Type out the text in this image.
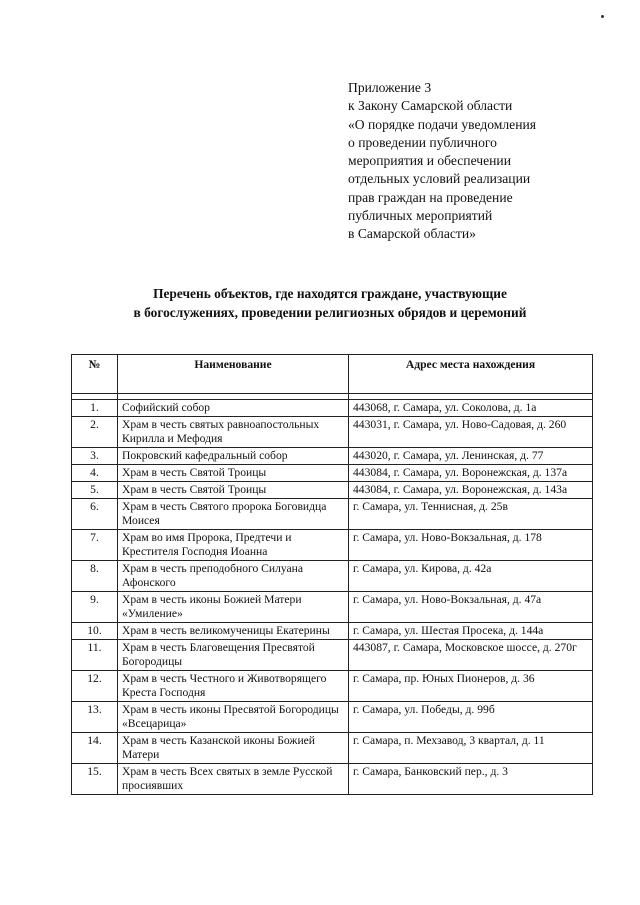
Приложение 3
к Закону Самарской области
«О порядке подачи уведомления
о проведении публичного
мероприятия и обеспечении
отдельных условий реализации
прав граждан на проведение
публичных мероприятий
в Самарской области»
Перечень объектов, где находятся граждане, участвующие
в богослужениях, проведении религиозных обрядов и церемоний
№	Наименование	Адрес места нахождения

1.	Софийский собор	443068, г. Самара, ул. Соколова, д. 1а
2.	Храм в честь святых равноапостольных Кирилла и Мефодия	443031, г. Самара, ул. Ново-Садовая, д. 260
3.	Покровский кафедральный собор	443020, г. Самара, ул. Ленинская, д. 77
4.	Храм в честь Святой Троицы	443084, г. Самара, ул. Воронежская, д. 137а
5.	Храм в честь Святой Троицы	443084, г. Самара, ул. Воронежская, д. 143а
6.	Храм в честь Святого пророка Боговидца Моисея	г. Самара, ул. Теннисная, д. 25в
7.	Храм во имя Пророка, Предтечи и Крестителя Господня Иоанна	г. Самара, ул. Ново-Вокзальная, д. 178
8.	Храм в честь преподобного Силуана Афонского	г. Самара, ул. Кирова, д. 42а
9.	Храм в честь иконы Божией Матери «Умиление»	г. Самара, ул. Ново-Вокзальная, д. 47а
10.	Храм в честь великомученицы Екатерины	г. Самара, ул. Шестая Просека, д. 144а
11.	Храм в честь Благовещения Пресвятой Богородицы	443087, г. Самара, Московское шоссе, д. 270г
12.	Храм в честь Честного и Животворящего Креста Господня	г. Самара, пр. Юных Пионеров, д. 36
13.	Храм в честь иконы Пресвятой Богородицы «Всецарица»	г. Самара, ул. Победы, д. 99б
14.	Храм в честь Казанской иконы Божией Матери	г. Самара, п. Мехзавод, 3 квартал, д. 11
15.	Храм в честь Всех святых в земле Русской просиявших	г. Самара, Банковский пер., д. 3
